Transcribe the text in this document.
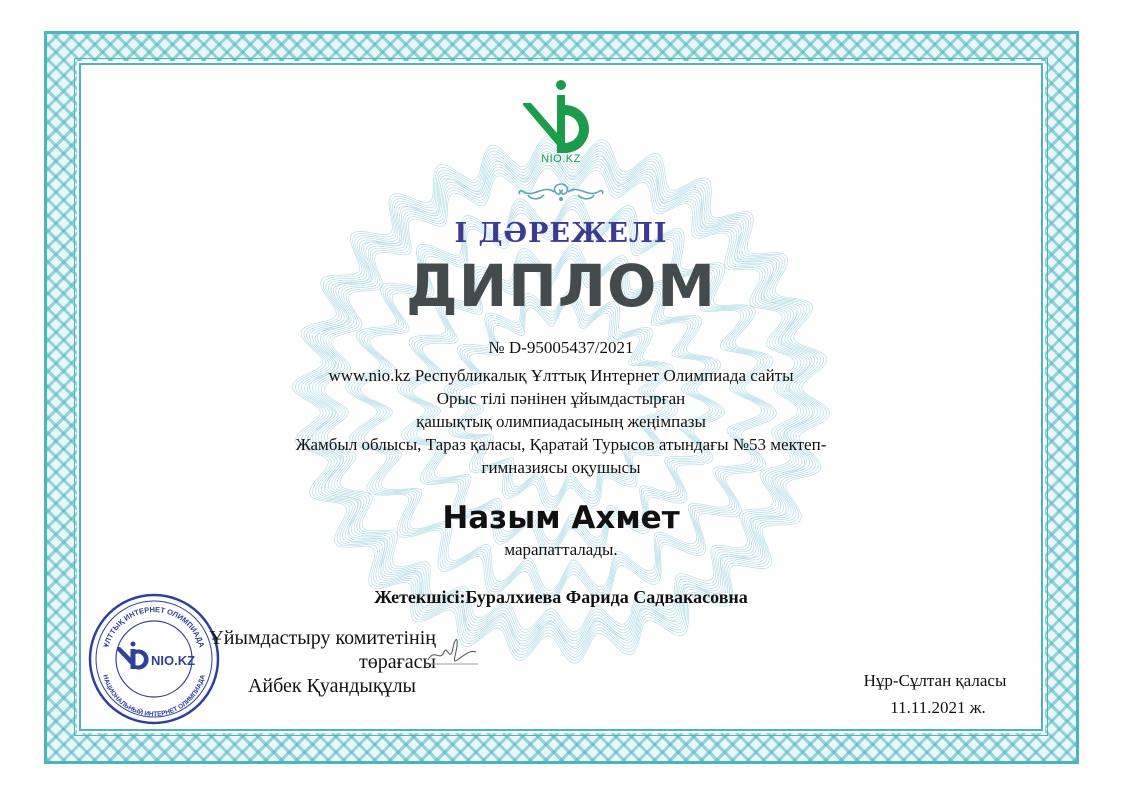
NIO.KZ
I ДӘРЕЖЕЛІ
ДИПЛОМ
№ D-95005437/2021
www.nio.kz Республикалық Ұлттық Интернет Олимпиада сайты
Орыс тілі пәнінен ұйымдастырған
қашықтық олимпиадасының жеңімпазы
Жамбыл облысы, Тараз қаласы, Қаратай Турысов атындағы №53 мектеп-
гимназиясы оқушысы
Назым Ахмет
марапатталады.
Жетекшісі:Буралхиева Фарида Садвакасовна
ҰЛТТЫҚ ИНТЕРНЕТ ОЛИМПИАДА
НАЦИОНАЛЬНЫЙ ИНТЕРНЕТ ОЛИМПИАДА
NIO.KZ
Ұйымдастыру комитетінің төрағасы
Айбек Қуандықұлы	Нұр-Сұлтан қаласы
11.11.2021 ж.
